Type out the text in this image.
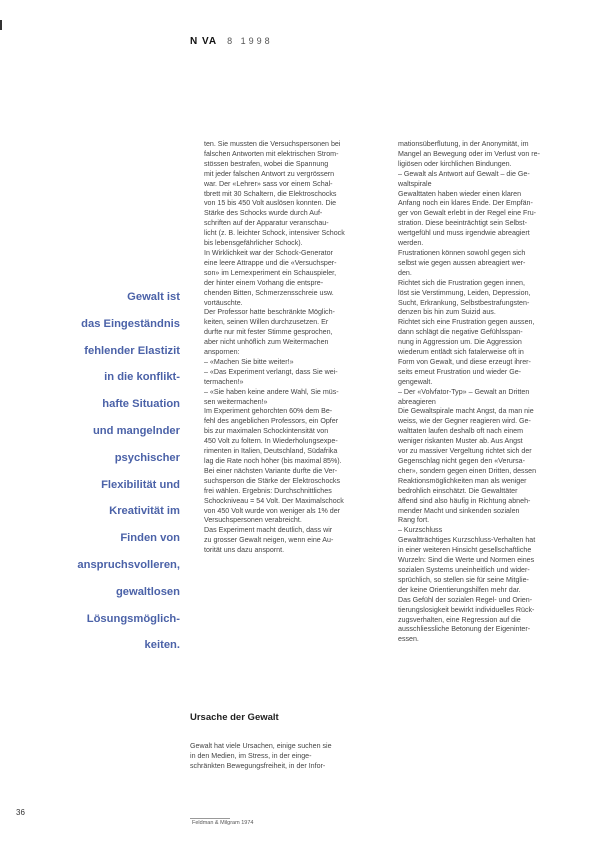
N VA 8 1998
Gewalt ist
das Eingeständnis
fehlender Elastizit
in die konflikt-
hafte Situation
und mangelnder
psychischer
Flexibilität und
Kreativität im
Finden von
anspruchsvolleren,
gewaltlosen
Lösungsmöglich-
keiten.
ten. Sie mussten die Versuchspersonen bei
falschen Antworten mit elektrischen Strom-
stössen bestrafen, wobei die Spannung
mit jeder falschen Antwort zu vergrössern
war. Der «Lehrer» sass vor einem Schal-
tbrett mit 30 Schaltern, die Elektroschocks
von 15 bis 450 Volt auslösen konnten. Die
Stärke des Schocks wurde durch Auf-
schriften auf der Apparatur veranschau-
licht (z. B. leichter Schock, intensiver Schock
bis lebensgefährlicher Schock).
In Wirklichkeit war der Schock-Generator
eine leere Attrappe und die «Versuchsper-
son» im Lernexperiment ein Schauspieler,
der hinter einem Vorhang die entspre-
chenden Bitten, Schmerzensschreie usw.
vortäuschte.
Der Professor hatte beschränkte Möglich-
keiten, seinen Willen durchzusetzen. Er
durfte nur mit fester Stimme gesprochen,
aber nicht unhöflich zum Weitermachen
anspornen:
– «Machen Sie bitte weiter!»
– «Das Experiment verlangt, dass Sie wei-
termachen!»
– «Sie haben keine andere Wahl, Sie müs-
sen weitermachen!»
Im Experiment gehorchten 60% dem Be-
fehl des angeblichen Professors, ein Opfer
bis zur maximalen Schockintensität von
450 Volt zu foltern. In Wiederholungsexpe-
rimenten in Italien, Deutschland, Südafrika
lag die Rate noch höher (bis maximal 85%).
Bei einer nächsten Variante durfte die Ver-
suchsperson die Stärke der Elektroschocks
frei wählen. Ergebnis: Durchschnittliches
Schockniveau = 54 Volt. Der Maximalschock
von 450 Volt wurde von weniger als 1% der
Versuchspersonen verabreicht.
Das Experiment macht deutlich, dass wir
zu grosser Gewalt neigen, wenn eine Au-
torität uns dazu anspornt.
Ursache der Gewalt
Gewalt hat viele Ursachen, einige suchen sie
in den Medien, im Stress, in der einge-
schränkten Bewegungsfreiheit, in der Infor-
Feldman & Milgram 1974
mationsüberflutung, in der Anonymität, im
Mangel an Bewegung oder im Verlust von re-
ligiösen oder kirchlichen Bindungen.
– Gewalt als Antwort auf Gewalt – die Ge-
waltspirale
Gewalttaten haben wieder einen klaren
Anfang noch ein klares Ende. Der Empfän-
ger von Gewalt erlebt in der Regel eine Fru-
stration. Diese beeinträchtigt sein Selbst-
wertgefühl und muss irgendwie abreagiert
werden.
Frustrationen können sowohl gegen sich
selbst wie gegen aussen abreagiert wer-
den.
Richtet sich die Frustration gegen innen,
löst sie Verstimmung, Leiden, Depression,
Sucht, Erkrankung, Selbstbestrafungsten-
denzen bis hin zum Suizid aus.
Richtet sich eine Frustration gegen aussen,
dann schlägt die negative Gefühlsspan-
nung in Aggression um. Die Aggression
wiederum entlädt sich fatalerweise oft in
Form von Gewalt, und diese erzeugt ihrer-
seits erneut Frustration und wieder Ge-
gengewalt.
– Der «Volvfator-Typ» – Gewalt an Dritten
abreagieren
Die Gewaltspirale macht Angst, da man nie
weiss, wie der Gegner reagieren wird. Ge-
walttaten laufen deshalb oft nach einem
weniger riskanten Muster ab. Aus Angst
vor zu massiver Vergeltung richtet sich der
Gegenschlag nicht gegen den «Verursa-
cher», sondern gegen einen Dritten, dessen
Reaktionsmöglichkeiten man als weniger
bedrohlich einschätzt. Die Gewalttäter
äffend sind also häufig in Richtung abneh-
mender Macht und sinkenden sozialen
Rang fort.
– Kurzschluss
Gewaltträchtiges Kurzschluss-Verhalten hat
in einer weiteren Hinsicht gesellschaftliche
Wurzeln: Sind die Werte und Normen eines
sozialen Systems uneinheitlich und wider-
sprüchlich, so stellen sie für seine Mitglie-
der keine Orientierungshilfen mehr dar.
Das Gefühl der sozialen Regel- und Orien-
tierungslosigkeit bewirkt individuelles Rück-
zugsverhalten, eine Regression auf die
ausschliessliche Betonung der Eigeninter-
essen.
36
